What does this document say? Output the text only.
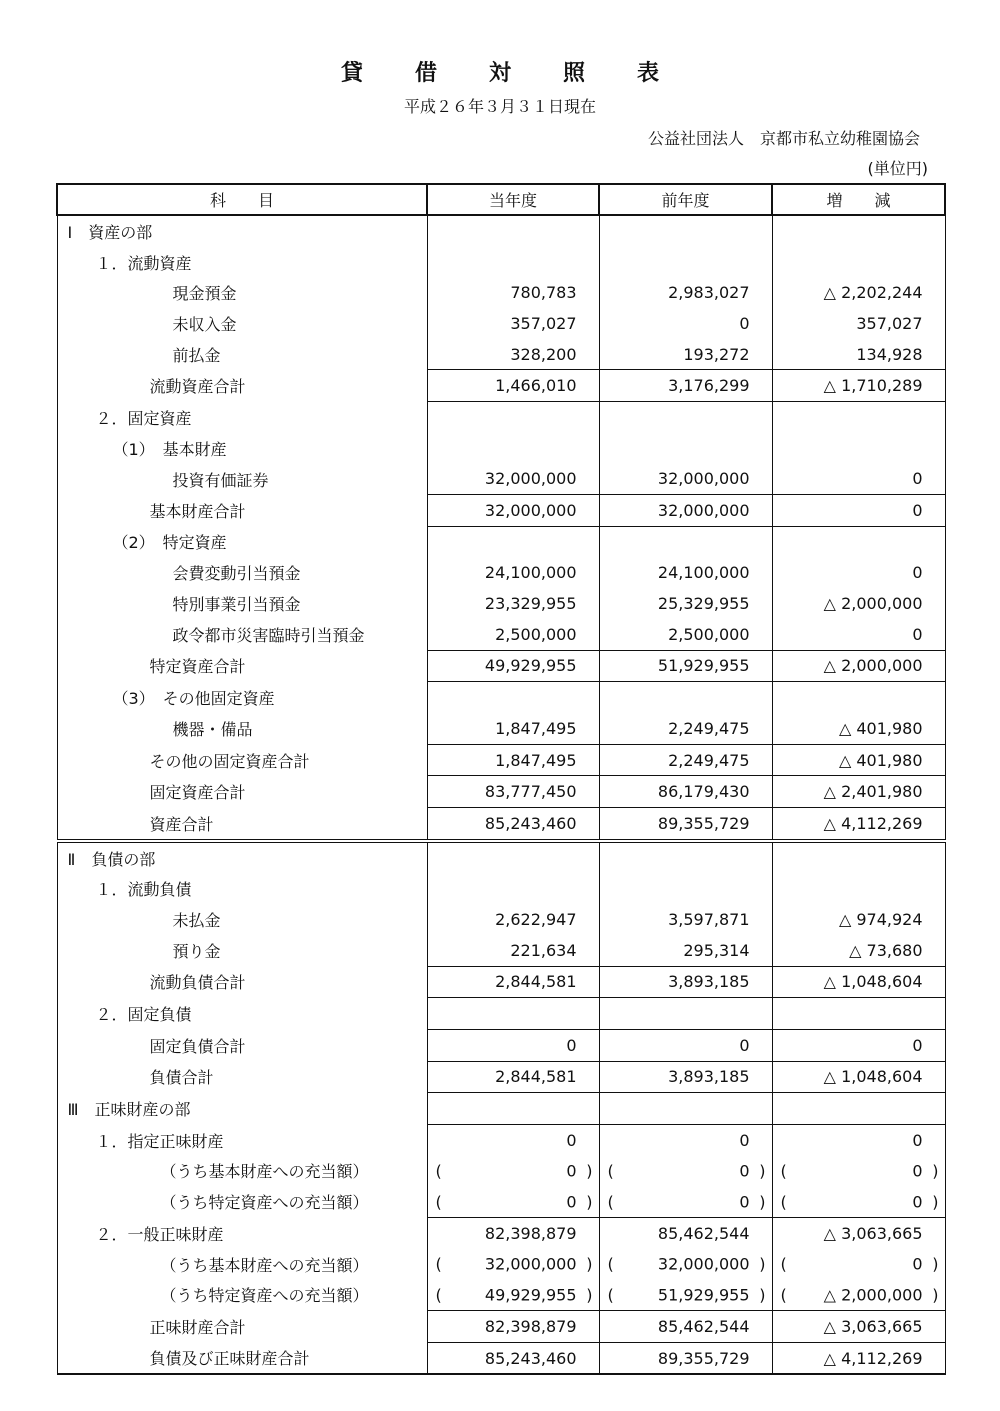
貸 借 対 照 表
平成２６年３月３１日現在
公益社団法人　京都市私立幼稚園協会
(単位円)
科　　目	当年度	前年度	増　　減
Ⅰ　資産の部			
１．流動資産			
現金預金	780,783	2,983,027	△ 2,202,244
未収入金	357,027	0	357,027
前払金	328,200	193,272	134,928
流動資産合計	1,466,010	3,176,299	△ 1,710,289
２．固定資産			
（1）　基本財産			
投資有価証券	32,000,000	32,000,000	0
基本財産合計	32,000,000	32,000,000	0
（2）　特定資産			
会費変動引当預金	24,100,000	24,100,000	0
特別事業引当預金	23,329,955	25,329,955	△ 2,000,000
政令都市災害臨時引当預金	2,500,000	2,500,000	0
特定資産合計	49,929,955	51,929,955	△ 2,000,000
（3）　その他固定資産			
機器・備品	1,847,495	2,249,475	△ 401,980
その他の固定資産合計	1,847,495	2,249,475	△ 401,980
固定資産合計	83,777,450	86,179,430	△ 2,401,980
資産合計	85,243,460	89,355,729	△ 4,112,269
Ⅱ　負債の部			
１．流動負債			
未払金	2,622,947	3,597,871	△ 974,924
預り金	221,634	295,314	△ 73,680
流動負債合計	2,844,581	3,893,185	△ 1,048,604
２．固定負債			
固定負債合計	0	0	0
負債合計	2,844,581	3,893,185	△ 1,048,604
Ⅲ　正味財産の部			
１．指定正味財産	0	0	0
（うち基本財産への充当額）	( 0 )	( 0 )	( 0 )

（うち特定資産への充当額）	( 0 )	( 0 )	( 0 )

２．一般正味財産	82,398,879	85,462,544	△ 3,063,665
（うち基本財産への充当額）	( 32,000,000 )	( 32,000,000 )	( 0 )

（うち特定資産への充当額）	( 49,929,955 )	( 51,929,955 )	( △ 2,000,000 )

正味財産合計	82,398,879	85,462,544	△ 3,063,665
負債及び正味財産合計	85,243,460	89,355,729	△ 4,112,269
